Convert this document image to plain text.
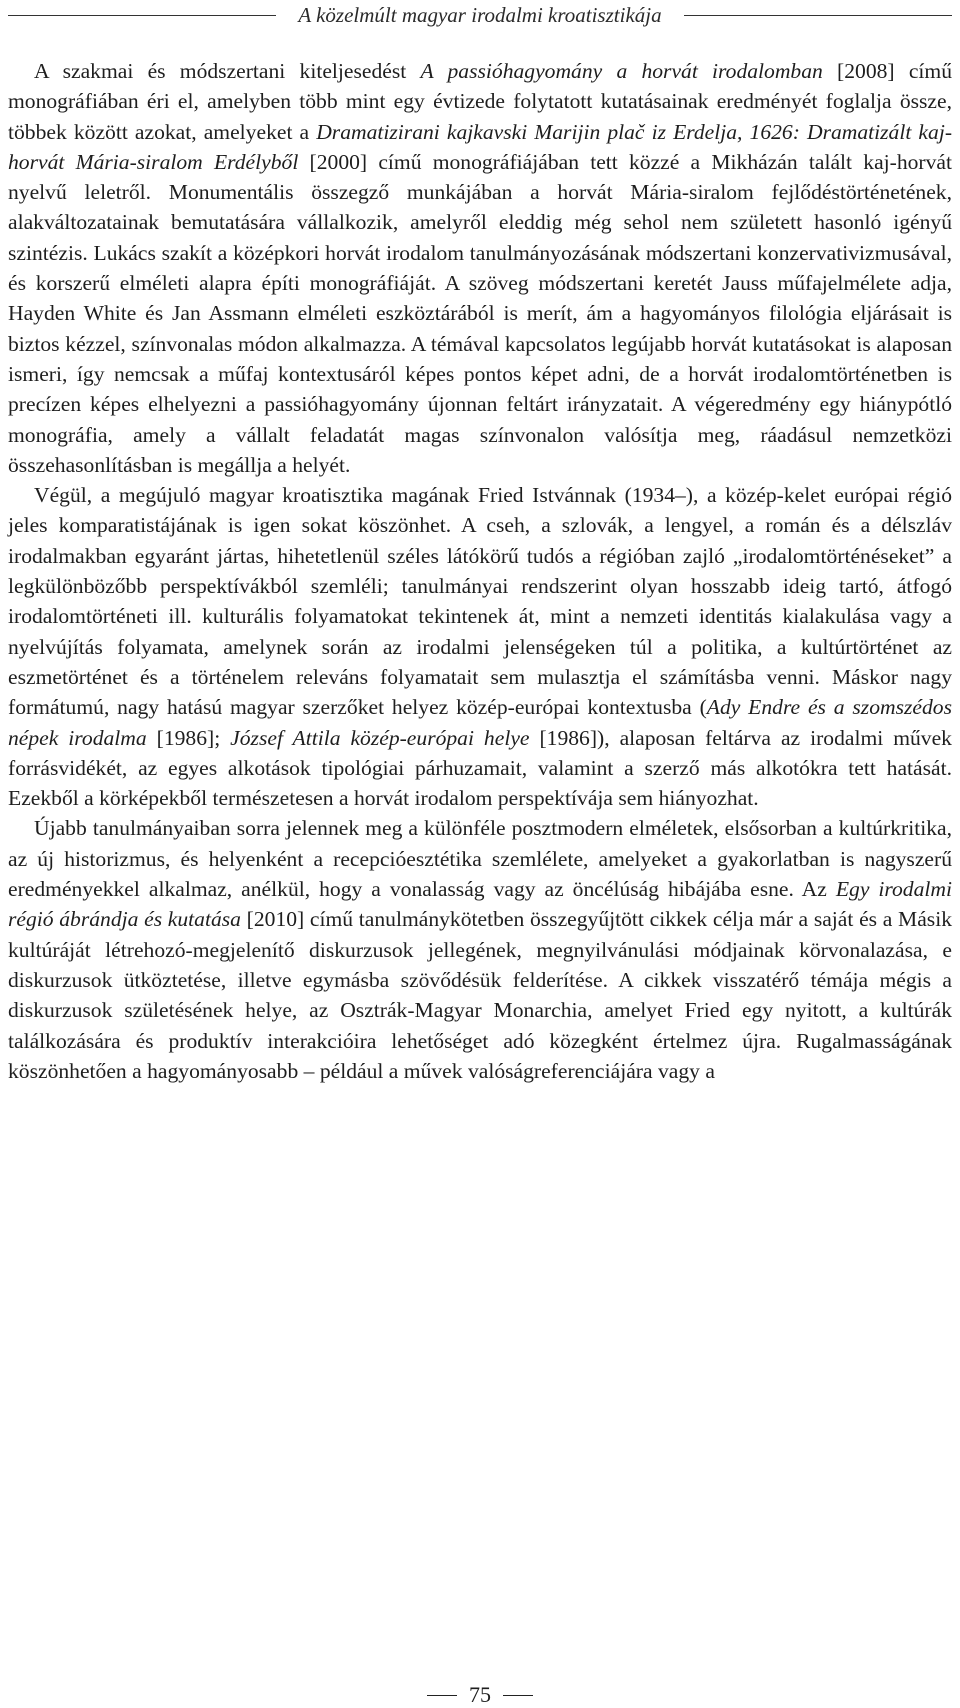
A közelmúlt magyar irodalmi kroatisztikája

A szakmai és módszertani kiteljesedést A passióhagyomány a horvát irodalomban [2008] című monográfiában éri el, amelyben több mint egy évtizede folytatott kutatásainak eredményét foglalja össze, többek között azokat, amelyeket a Dramatizirani kajkavski Marijin plač iz Erdelja, 1626: Dramatizált kaj-horvát Mária-siralom Erdélyből [2000] című monográfiájában tett közzé a Mikházán talált kaj-horvát nyelvű leletről. Monumentális összegző munkájában a horvát Mária-siralom fejlődéstörténetének, alakváltozatainak bemutatására vállalkozik, amelyről eleddig még sehol nem született hasonló igényű szintézis. Lukács szakít a középkori horvát irodalom tanulmányozásának módszertani konzervativizmusával, és korszerű elméleti alapra építi monográfiáját. A szöveg módszertani keretét Jauss műfajelmélete adja, Hayden White és Jan Assmann elméleti eszköztárából is merít, ám a hagyományos filológia eljárásait is biztos kézzel, színvonalas módon alkalmazza. A témával kapcsolatos legújabb horvát kutatásokat is alaposan ismeri, így nemcsak a műfaj kontextusáról képes pontos képet adni, de a horvát irodalomtörténetben is precízen képes elhelyezni a passióhagyomány újonnan feltárt irányzatait. A végeredmény egy hiánypótló monográfia, amely a vállalt feladatát magas színvonalon valósítja meg, ráadásul nemzetközi összehasonlításban is megállja a helyét.

Végül, a megújuló magyar kroatisztika magának Fried Istvánnak (1934–), a közép-kelet európai régió jeles komparatistájának is igen sokat köszönhet. A cseh, a szlovák, a lengyel, a román és a délszláv irodalmakban egyaránt jártas, hihetetlenül széles látókörű tudós a régióban zajló „irodalomtörténéseket” a legkülönbözőbb perspektívákból szemléli; tanulmányai rendszerint olyan hosszabb ideig tartó, átfogó irodalomtörténeti ill. kulturális folyamatokat tekintenek át, mint a nemzeti identitás kialakulása vagy a nyelvújítás folyamata, amelynek során az irodalmi jelenségeken túl a politika, a kultúrtörténet az eszmetörténet és a történelem releváns folyamatait sem mulasztja el számításba venni. Máskor nagy formátumú, nagy hatású magyar szerzőket helyez közép-európai kontextusba (Ady Endre és a szomszédos népek irodalma [1986]; József Attila közép-európai helye [1986]), alaposan feltárva az irodalmi művek forrásvidékét, az egyes alkotások tipológiai párhuzamait, valamint a szerző más alkotókra tett hatását. Ezekből a körképekből természetesen a horvát irodalom perspektívája sem hiányozhat.

Újabb tanulmányaiban sorra jelennek meg a különféle posztmodern elméletek, elsősorban a kultúrkritika, az új historizmus, és helyenként a recepcióesztétika szemlélete, amelyeket a gyakorlatban is nagyszerű eredményekkel alkalmaz, anélkül, hogy a vonalasság vagy az öncélúság hibájába esne. Az Egy irodalmi régió ábrándja és kutatása [2010] című tanulmánykötetben összegyűjtött cikkek célja már a saját és a Másik kultúráját létrehozó-megjelenítő diskurzusok jellegének, megnyilvánulási módjainak körvonalazása, e diskurzusok ütköztetése, illetve egymásba szövődésük felderítése. A cikkek visszatérő témája mégis a diskurzusok születésének helye, az Osztrák-Magyar Monarchia, amelyet Fried egy nyitott, a kultúrák találkozására és produktív interakcióira lehetőséget adó közegként értelmez újra. Rugalmasságának köszönhetően a hagyományosabb – például a művek valóságreferenciájára vagy a

75
